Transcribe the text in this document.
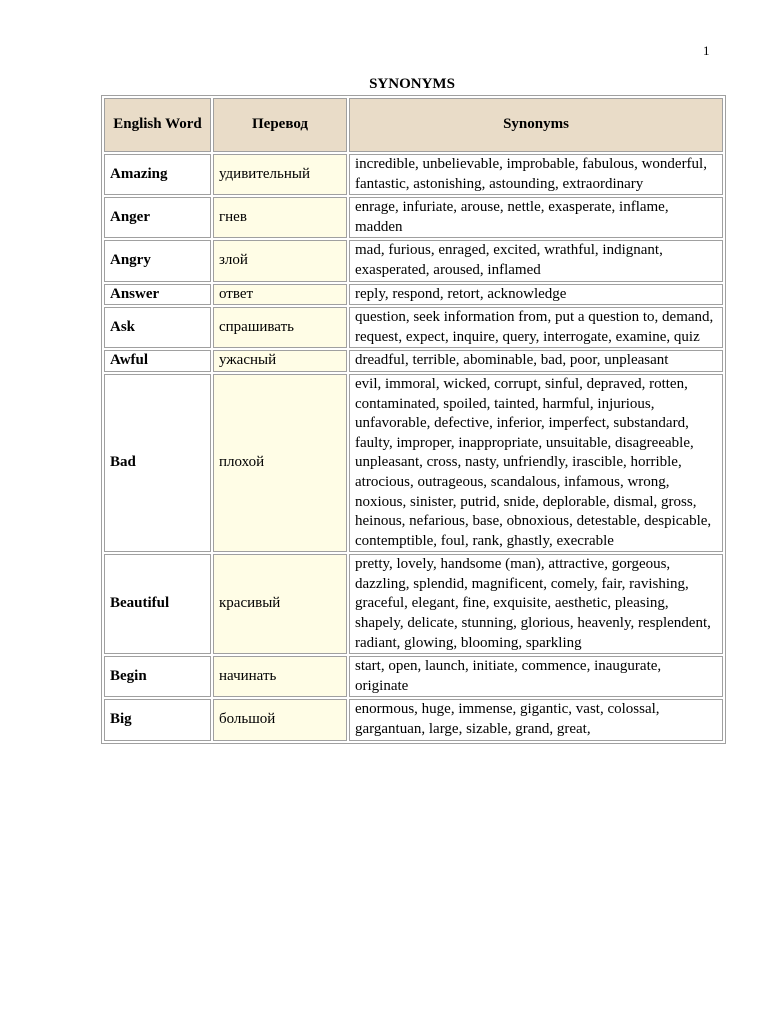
1
SYNONYMS
English Word	Перевод	Synonyms
Amazing	удивительный	incredible, unbelievable, improbable, fabulous, wonderful, fantastic, astonishing, astounding, extraordinary
Anger	гнев	enrage, infuriate, arouse, nettle, exasperate, inflame, madden
Angry	злой	mad, furious, enraged, excited, wrathful, indignant, exasperated, aroused, inflamed
Answer	ответ	reply, respond, retort, acknowledge
Ask	спрашивать	question, seek information from, put a question to, demand, request, expect, inquire, query, interrogate, examine, quiz
Awful	ужасный	dreadful, terrible, abominable, bad, poor, unpleasant
Bad	плохой	evil, immoral, wicked, corrupt, sinful, depraved, rotten, contaminated, spoiled, tainted, harmful, injurious, unfavorable, defective, inferior, imperfect, substandard, faulty, improper, inappropriate, unsuitable, disagreeable, unpleasant, cross, nasty, unfriendly, irascible, horrible, atrocious, outrageous, scandalous, infamous, wrong, noxious, sinister, putrid, snide, deplorable, dismal, gross, heinous, nefarious, base, obnoxious, detestable, despicable, contemptible, foul, rank, ghastly, execrable
Beautiful	красивый	pretty, lovely, handsome (man), attractive, gorgeous, dazzling, splendid, magnificent, comely, fair, ravishing, graceful, elegant, fine, exquisite, aesthetic, pleasing, shapely, delicate, stunning, glorious, heavenly, resplendent, radiant, glowing, blooming, sparkling
Begin	начинать	start, open, launch, initiate, commence, inaugurate, originate
Big	большой	enormous, huge, immense, gigantic, vast, colossal, gargantuan, large, sizable, grand, great,
